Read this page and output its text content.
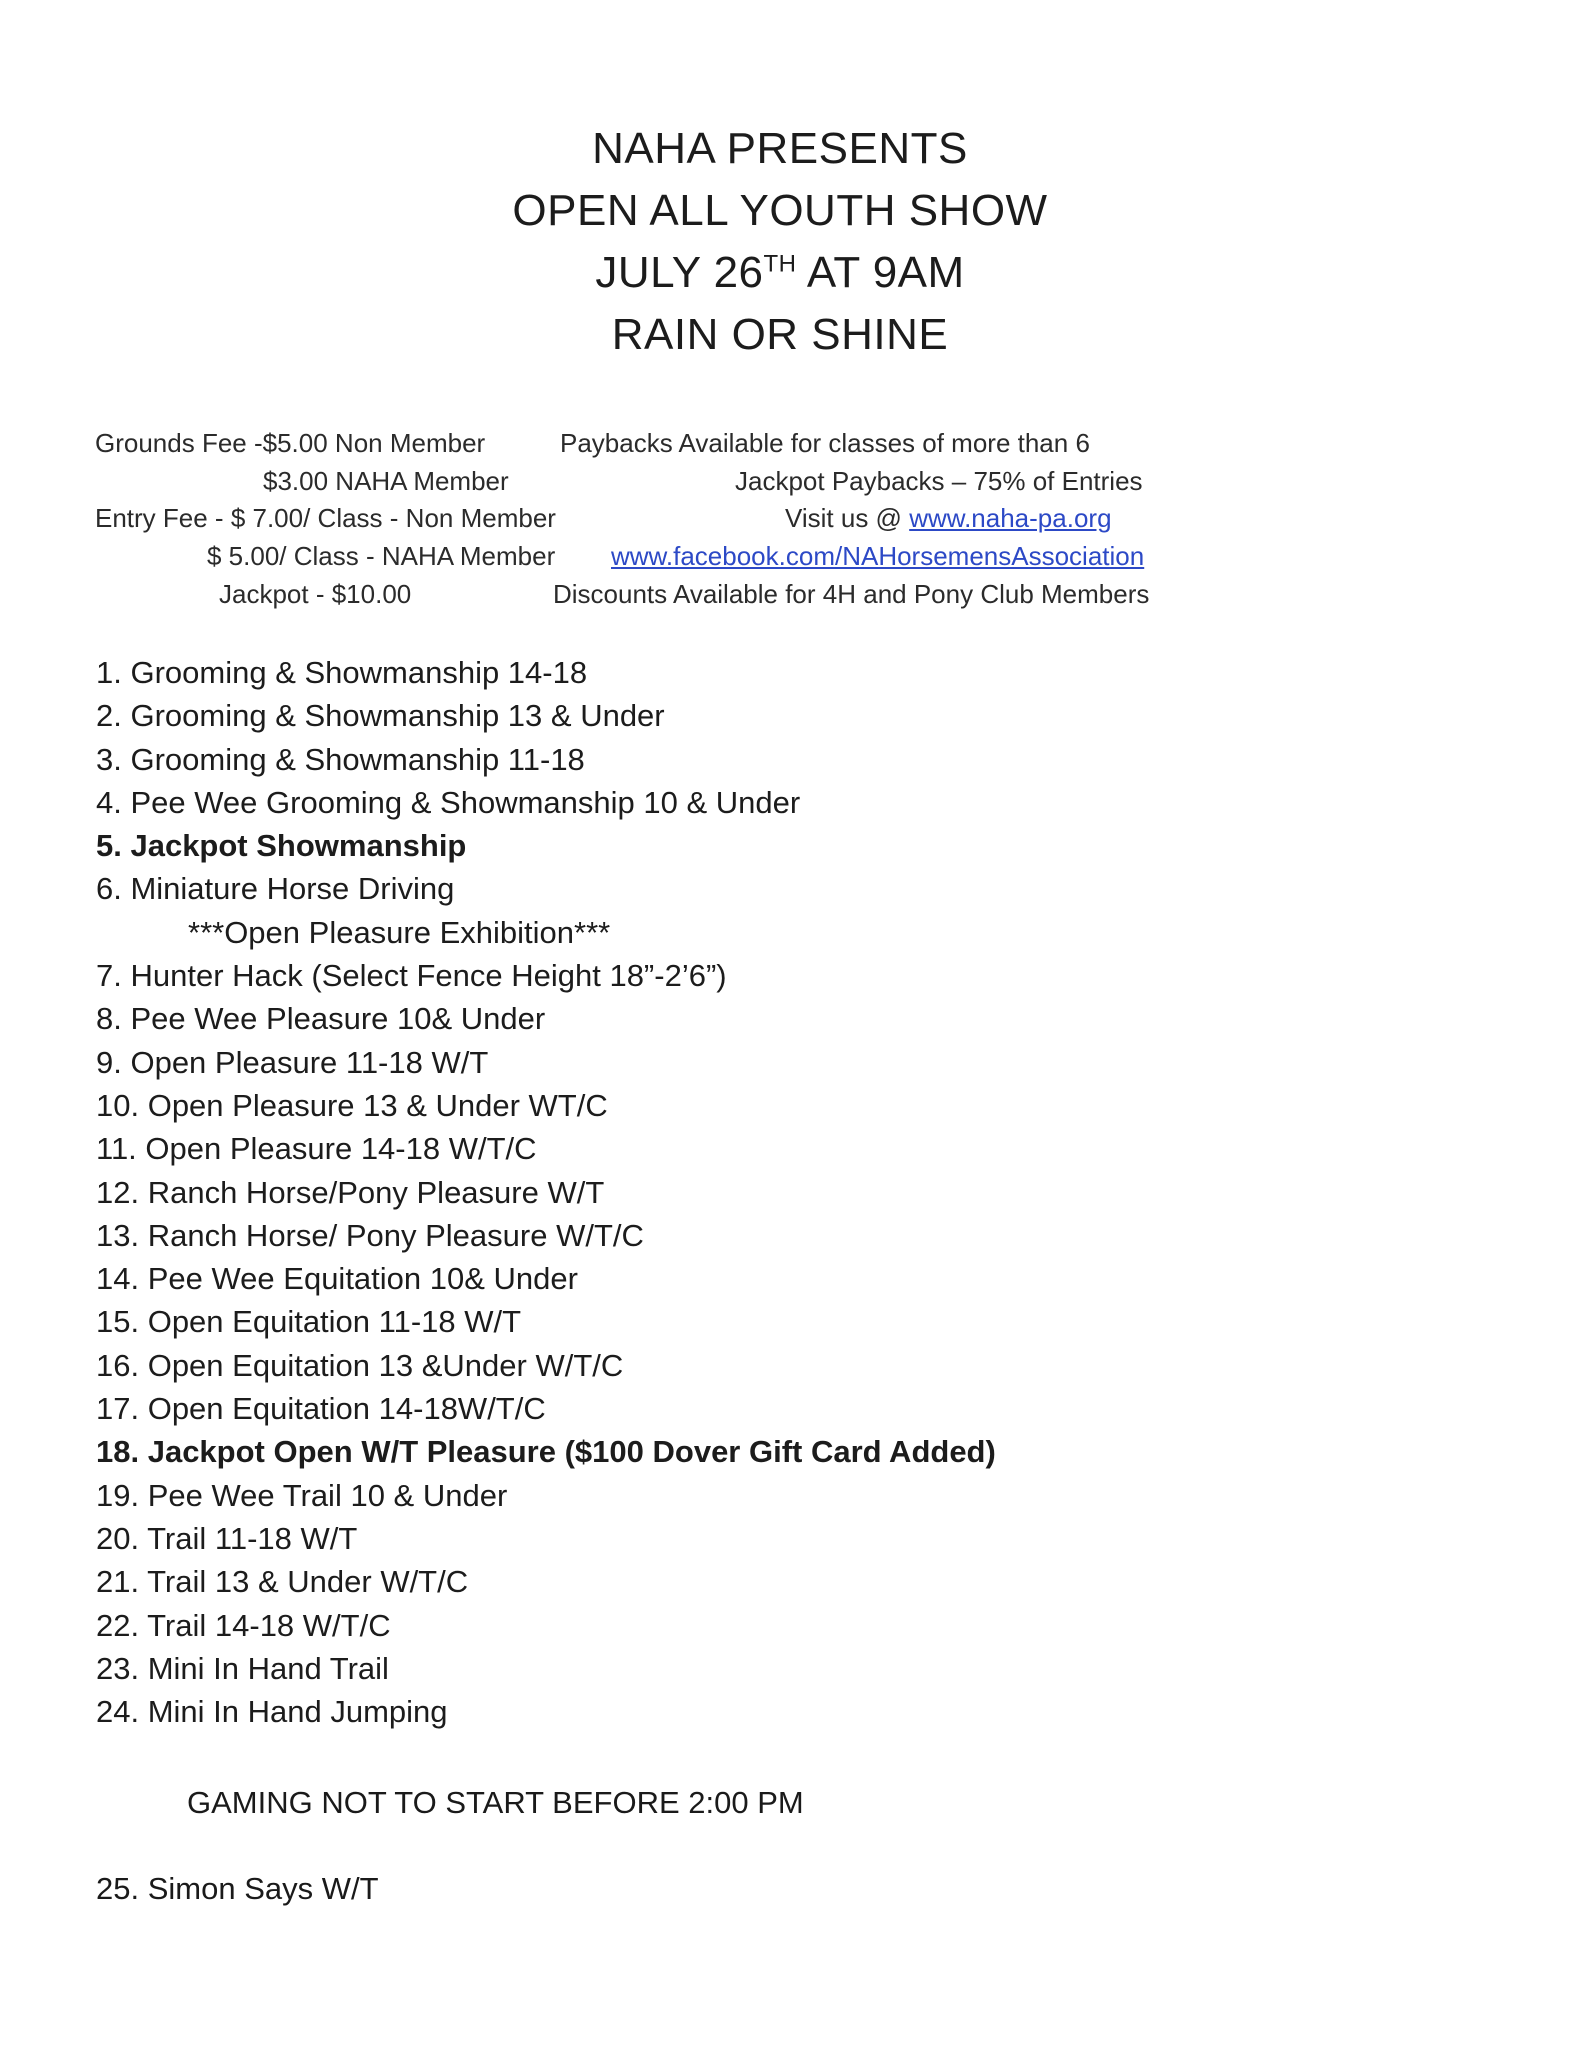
NAHA PRESENTS
OPEN ALL YOUTH SHOW
JULY 26TH AT 9AM
RAIN OR SHINE
Grounds Fee -$5.00 Non Member
$3.00 NAHA Member
Entry Fee - $ 7.00/ Class - Non Member
$ 5.00/ Class - NAHA Member
Jackpot - $10.00
Paybacks Available for classes of more than 6
Jackpot Paybacks – 75% of Entries
Visit us @ www.naha-pa.org
www.facebook.com/NAHorsemensAssociation
Discounts Available for 4H and Pony Club Members
1. Grooming & Showmanship 14-18
2. Grooming & Showmanship 13 & Under
3. Grooming & Showmanship 11-18
4. Pee Wee Grooming & Showmanship 10 & Under
5. Jackpot Showmanship
6. Miniature Horse Driving
***Open Pleasure Exhibition***
7. Hunter Hack (Select Fence Height 18”-2’6”)
8. Pee Wee Pleasure 10& Under
9. Open Pleasure 11-18 W/T
10. Open Pleasure 13 & Under WT/C
11. Open Pleasure 14-18 W/T/C
12. Ranch Horse/Pony Pleasure W/T
13. Ranch Horse/ Pony Pleasure W/T/C
14. Pee Wee Equitation 10& Under
15. Open Equitation 11-18 W/T
16. Open Equitation 13 &Under W/T/C
17. Open Equitation 14-18W/T/C
18. Jackpot Open W/T Pleasure ($100 Dover Gift Card Added)
19. Pee Wee Trail 10 & Under
20. Trail 11-18 W/T
21. Trail 13 & Under W/T/C
22. Trail 14-18 W/T/C
23. Mini In Hand Trail
24. Mini In Hand Jumping
GAMING NOT TO START BEFORE 2:00 PM
25. Simon Says W/T
